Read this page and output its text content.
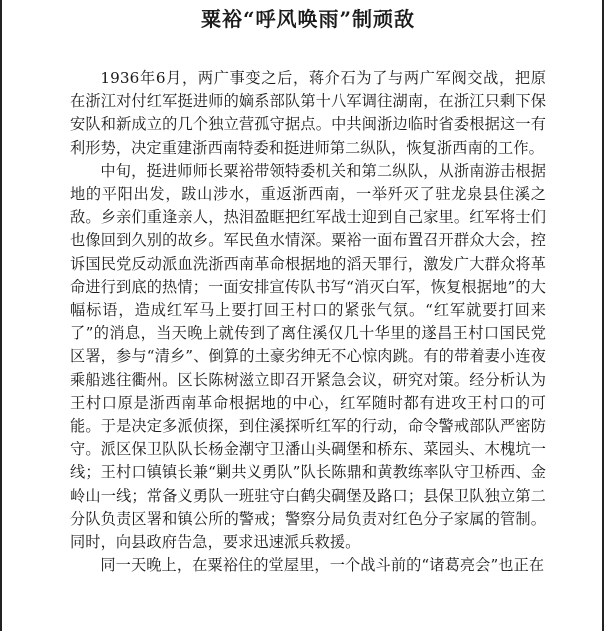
粟裕“呼风唤雨”制顽敌

1936年6月，两广事变之后，蒋介石为了与两广军阀交战，把原在浙江对付红军挺进师的嫡系部队第十八军调往湖南，在浙江只剩下保安队和新成立的几个独立营孤守据点。中共闽浙边临时省委根据这一有利形势，决定重建浙西南特委和挺进师第二纵队，恢复浙西南的工作。

中旬，挺进师师长粟裕带领特委机关和第二纵队，从浙南游击根据地的平阳出发，跋山涉水，重返浙西南，一举歼灭了驻龙泉县住溪之敌。乡亲们重逢亲人，热泪盈眶把红军战士迎到自己家里。红军将士们也像回到久别的故乡。军民鱼水情深。粟裕一面布置召开群众大会，控诉国民党反动派血洗浙西南革命根据地的滔天罪行，激发广大群众将革命进行到底的热情；一面安排宣传队书写“消灭白军，恢复根据地”的大幅标语，造成红军马上要打回王村口的紧张气氛。“红军就要打回来了”的消息，当天晚上就传到了离住溪仅几十华里的遂昌王村口国民党区署，参与“清乡”、倒算的土豪劣绅无不心惊肉跳。有的带着妻小连夜乘船逃往衢州。区长陈树滋立即召开紧急会议，研究对策。经分析认为王村口原是浙西南革命根据地的中心，红军随时都有进攻王村口的可能。于是决定多派侦探，到住溪探听红军的行动，命令警戒部队严密防守。派区保卫队队长杨金潮守卫潘山头碉堡和桥东、菜园头、木槐坑一线；王村口镇镇长兼“剿共义勇队”队长陈鼎和黄教练率队守卫桥西、金岭山一线；常备义勇队一班驻守白鹤尖碉堡及路口；县保卫队独立第二分队负责区署和镇公所的警戒；警察分局负责对红色分子家属的管制。同时，向县政府告急，要求迅速派兵救援。

同一天晚上，在粟裕住的堂屋里，一个战斗前的“诸葛亮会”也正在
